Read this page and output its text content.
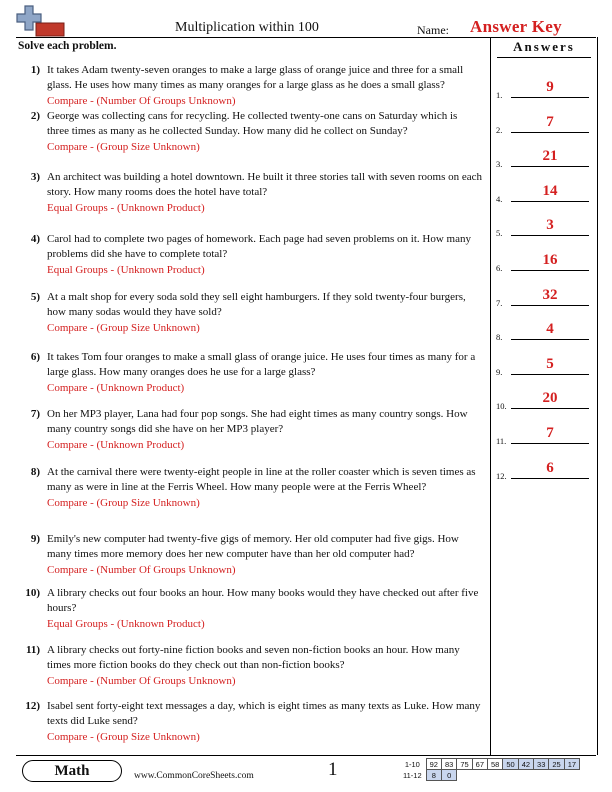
Multiplication within 100	Name: Answer Key
Solve each problem.
1) It takes Adam twenty-seven oranges to make a large glass of orange juice and three for a small glass. He uses how many times as many oranges for a large glass as he does a small glass?
Compare - (Number Of Groups Unknown)
2) George was collecting cans for recycling. He collected twenty-one cans on Saturday which is three times as many as he collected Sunday. How many did he collect on Sunday?
Compare - (Group Size Unknown)
3) An architect was building a hotel downtown. He built it three stories tall with seven rooms on each story. How many rooms does the hotel have total?
Equal Groups - (Unknown Product)
4) Carol had to complete two pages of homework. Each page had seven problems on it. How many problems did she have to complete total?
Equal Groups - (Unknown Product)
5) At a malt shop for every soda sold they sell eight hamburgers. If they sold twenty-four burgers, how many sodas would they have sold?
Compare - (Group Size Unknown)
6) It takes Tom four oranges to make a small glass of orange juice. He uses four times as many for a large glass. How many oranges does he use for a large glass?
Compare - (Unknown Product)
7) On her MP3 player, Lana had four pop songs. She had eight times as many country songs. How many country songs did she have on her MP3 player?
Compare - (Unknown Product)
8) At the carnival there were twenty-eight people in line at the roller coaster which is seven times as many as were in line at the Ferris Wheel. How many people were at the Ferris Wheel?
Compare - (Group Size Unknown)
9) Emily's new computer had twenty-five gigs of memory. Her old computer had five gigs. How many times more memory does her new computer have than her old computer had?
Compare - (Number Of Groups Unknown)
10) A library checks out four books an hour. How many books would they have checked out after five hours?
Equal Groups - (Unknown Product)
11) A library checks out forty-nine fiction books and seven non-fiction books an hour. How many times more fiction books do they check out than non-fiction books?
Compare - (Number Of Groups Unknown)
12) Isabel sent forty-eight text messages a day, which is eight times as many texts as Luke. How many texts did Luke send?
Compare - (Group Size Unknown)
Answers
1.	9
2.	7
3.	21
4.	14
5.	3
6.	16
7.	32
8.	4
9.	5
10.	20
11.	7
12.	6
Math	www.CommonCoreSheets.com	1	1-10	92	83	75	67	58	50	42	33	25	17
11-12	8	0								
